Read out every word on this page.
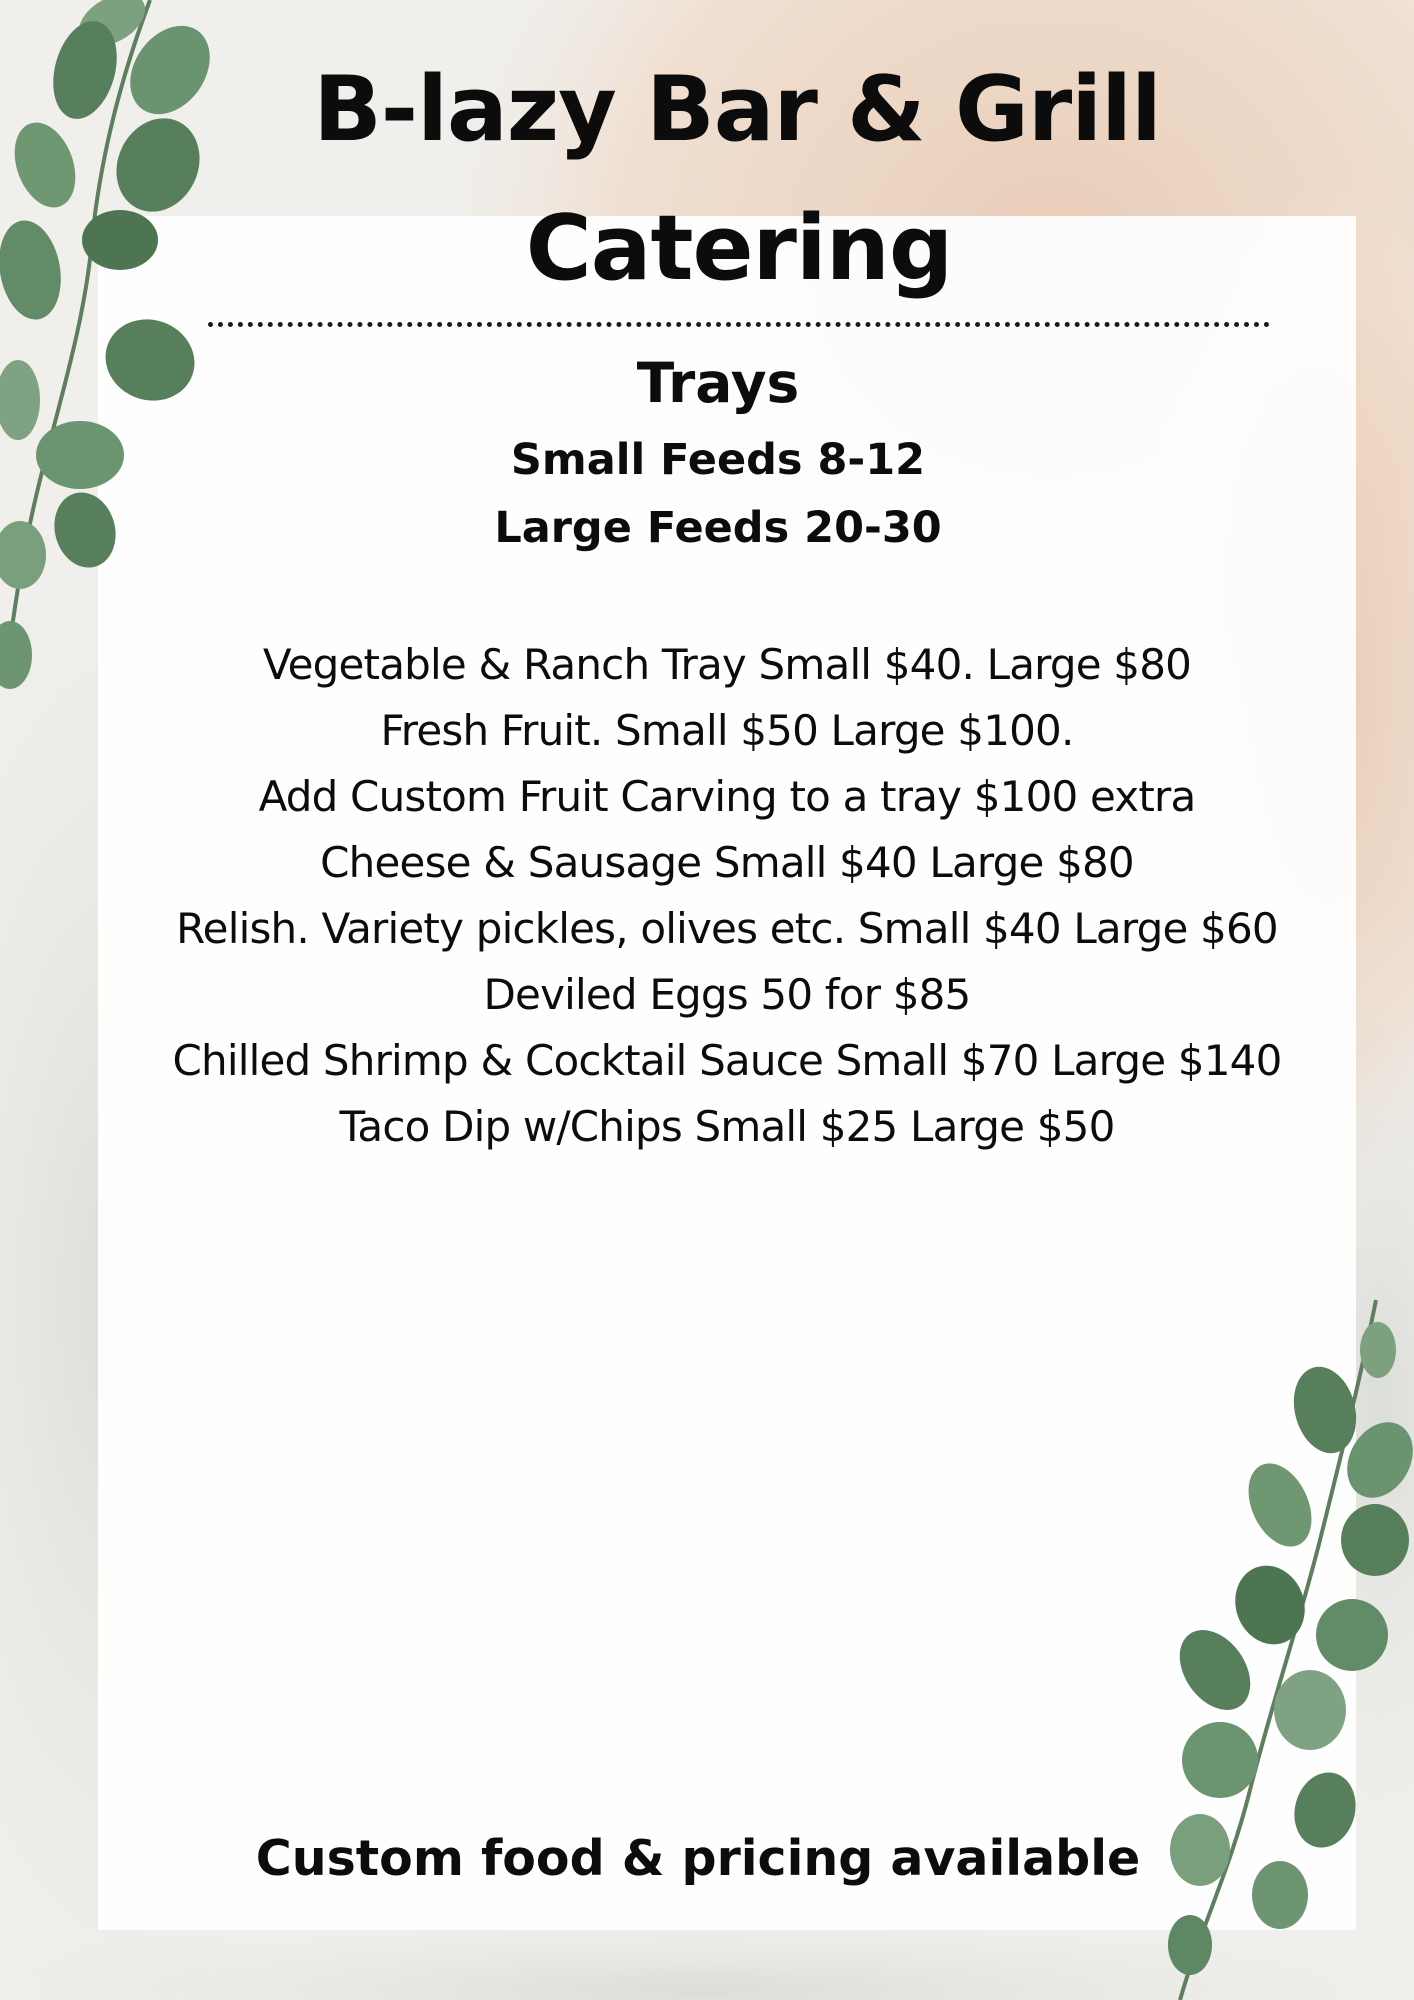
B-lazy Bar & Grill
Catering
Trays
Small Feeds 8-12
Large Feeds 20-30
Vegetable & Ranch Tray Small $40. Large $80
Fresh Fruit. Small $50 Large $100.
Add Custom Fruit Carving to a tray $100 extra
Cheese & Sausage Small $40 Large $80
Relish. Variety pickles, olives etc. Small $40 Large $60
Deviled Eggs 50 for $85
Chilled Shrimp & Cocktail Sauce Small $70 Large $140
Taco Dip w/Chips Small $25 Large $50

Custom food & pricing available
